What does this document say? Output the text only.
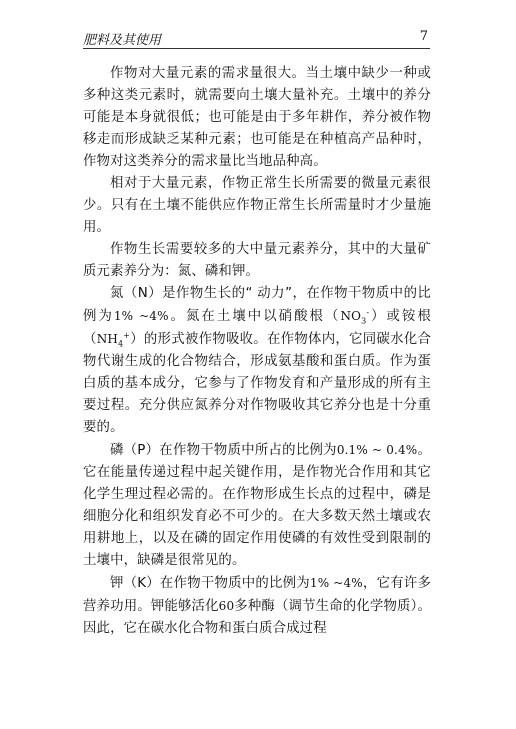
肥料及其使用	7

作物对大量元素的需求量很大。当土壤中缺少一种或多种这类元素时，就需要向土壤大量补充。土壤中的养分可能是本身就很低；也可能是由于多年耕作，养分被作物移走而形成缺乏某种元素；也可能是在种植高产品种时，作物对这类养分的需求量比当地品种高。

相对于大量元素，作物正常生长所需要的微量元素很少。只有在土壤不能供应作物正常生长所需量时才少量施用。

作物生长需要较多的大中量元素养分，其中的大量矿质元素养分为：氮、磷和钾。

氮（N）是作物生长的“ 动力”，在作物干物质中的比例为1% ~4%。氮在土壤中以硝酸根$(NO_3^-)$或铵根$(NH_4^+)$的形式被作物吸收。在作物体内，它同碳水化合物代谢生成的化合物结合，形成氨基酸和蛋白质。作为蛋白质的基本成分，它参与了作物发育和产量形成的所有主要过程。充分供应氮养分对作物吸收其它养分也是十分重要的。

磷（P）在作物干物质中所占的比例为0.1% ~ 0.4%。它在能量传递过程中起关键作用，是作物光合作用和其它化学生理过程必需的。在作物形成生长点的过程中，磷是细胞分化和组织发育必不可少的。在大多数天然土壤或农用耕地上，以及在磷的固定作用使磷的有效性受到限制的土壤中，缺磷是很常见的。

钾（K）在作物干物质中的比例为1% ~4%，它有许多营养功用。钾能够活化60多种酶（调节生命的化学物质）。因此，它在碳水化合物和蛋白质合成过程
